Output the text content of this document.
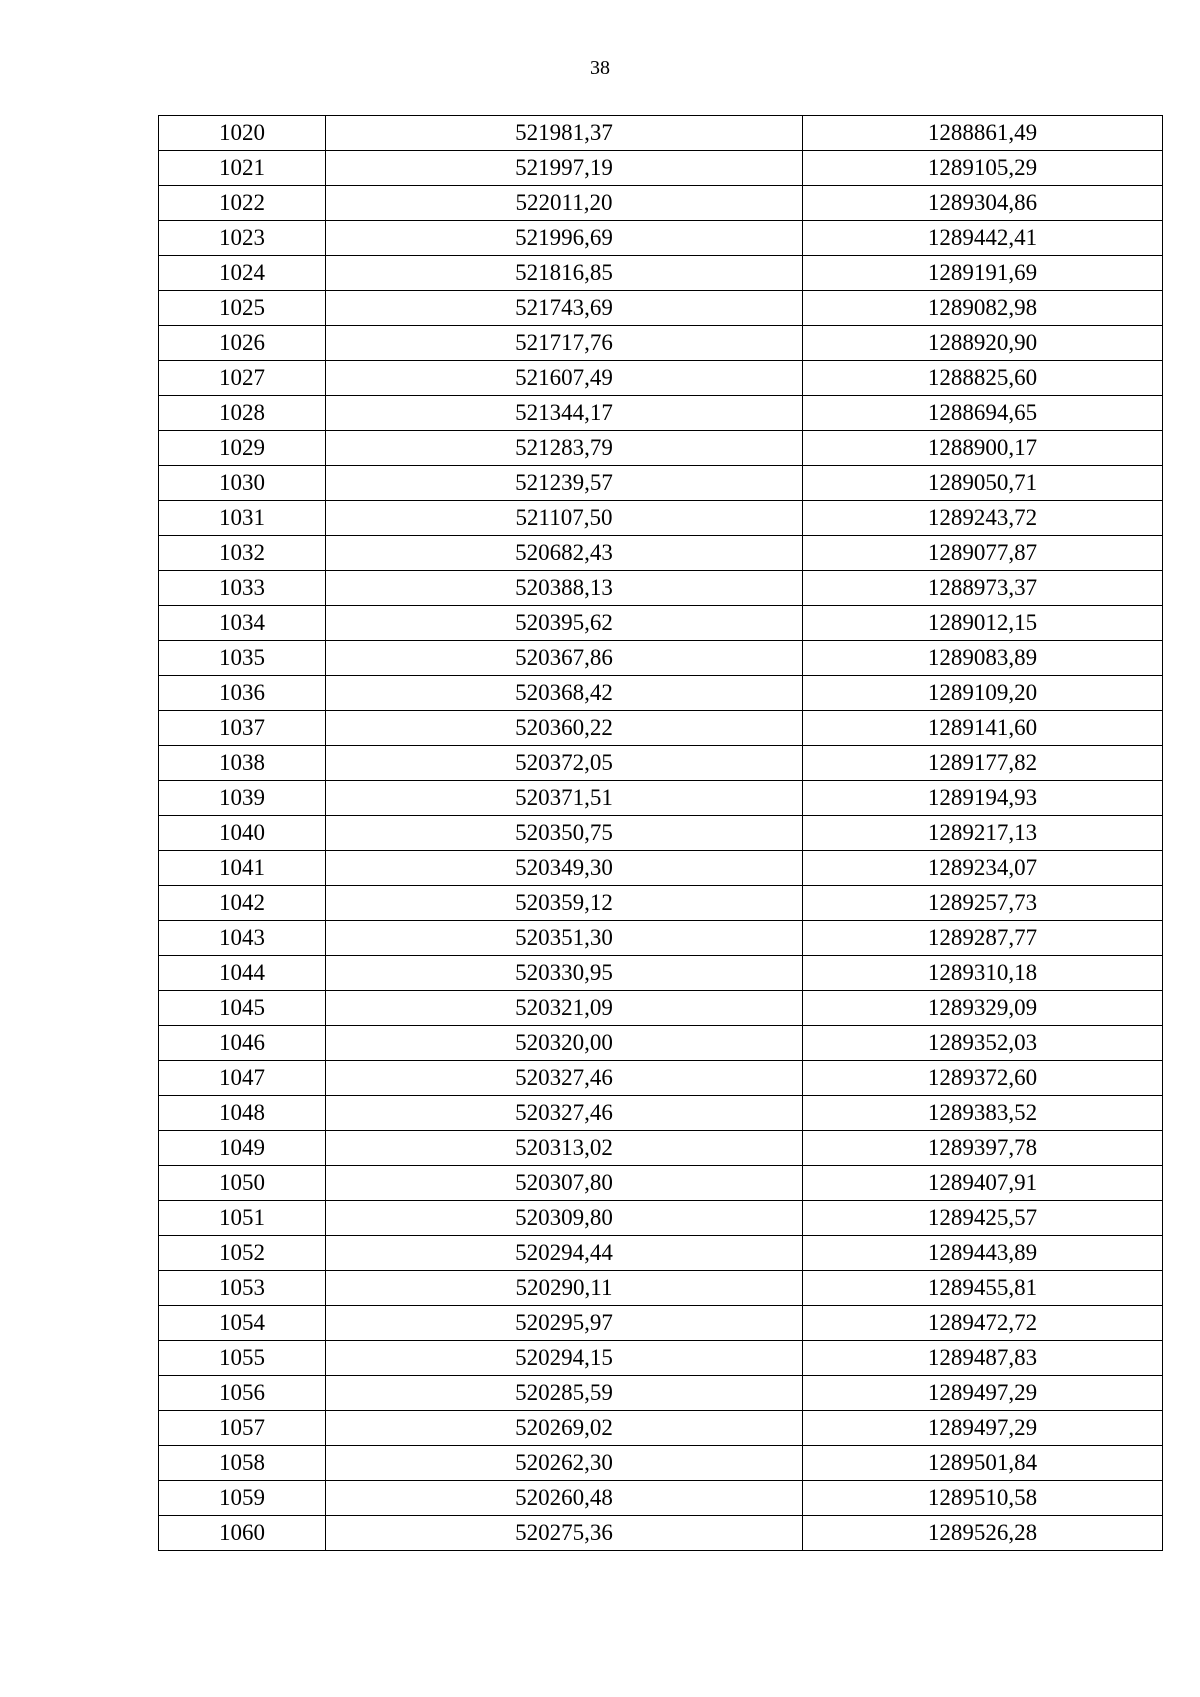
38
1020	521981,37	1288861,49
1021	521997,19	1289105,29
1022	522011,20	1289304,86
1023	521996,69	1289442,41
1024	521816,85	1289191,69
1025	521743,69	1289082,98
1026	521717,76	1288920,90
1027	521607,49	1288825,60
1028	521344,17	1288694,65
1029	521283,79	1288900,17
1030	521239,57	1289050,71
1031	521107,50	1289243,72
1032	520682,43	1289077,87
1033	520388,13	1288973,37
1034	520395,62	1289012,15
1035	520367,86	1289083,89
1036	520368,42	1289109,20
1037	520360,22	1289141,60
1038	520372,05	1289177,82
1039	520371,51	1289194,93
1040	520350,75	1289217,13
1041	520349,30	1289234,07
1042	520359,12	1289257,73
1043	520351,30	1289287,77
1044	520330,95	1289310,18
1045	520321,09	1289329,09
1046	520320,00	1289352,03
1047	520327,46	1289372,60
1048	520327,46	1289383,52
1049	520313,02	1289397,78
1050	520307,80	1289407,91
1051	520309,80	1289425,57
1052	520294,44	1289443,89
1053	520290,11	1289455,81
1054	520295,97	1289472,72
1055	520294,15	1289487,83
1056	520285,59	1289497,29
1057	520269,02	1289497,29
1058	520262,30	1289501,84
1059	520260,48	1289510,58
1060	520275,36	1289526,28
